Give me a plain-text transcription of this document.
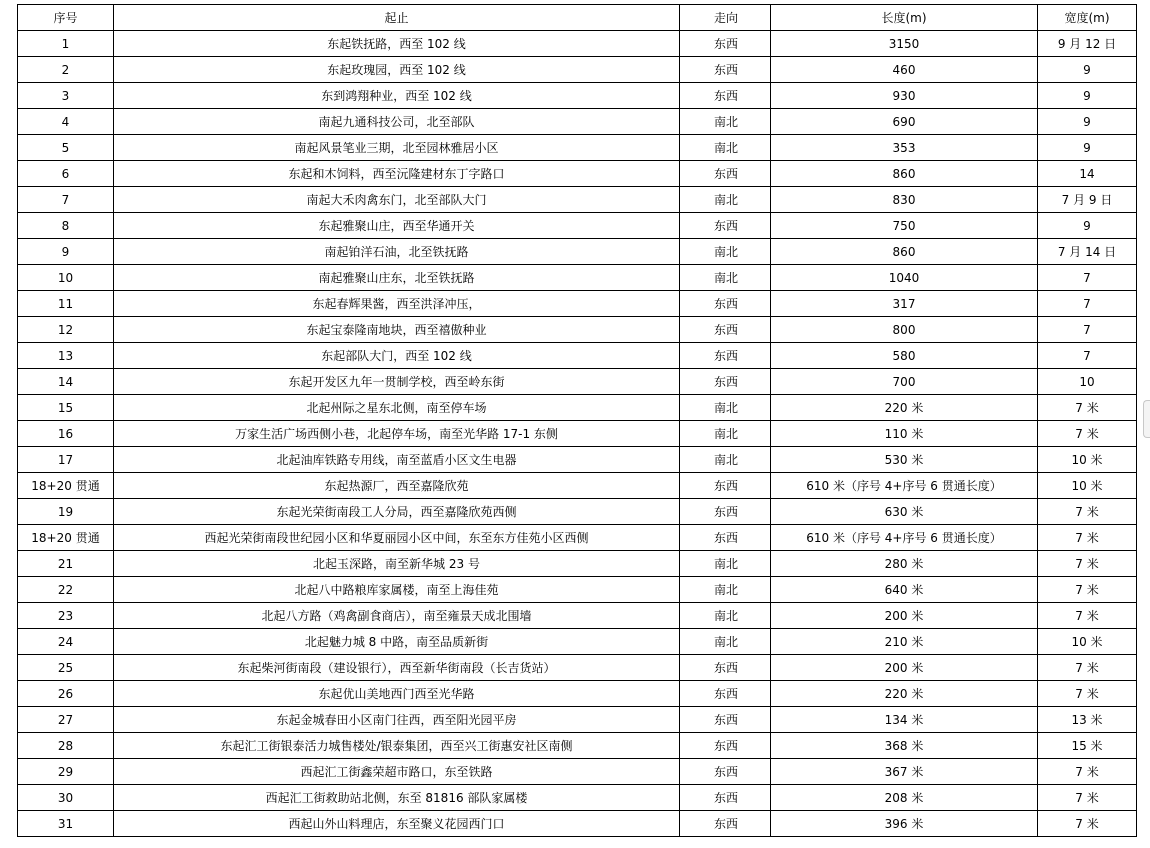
序号	起止	走向	长度(m)	宽度(m)
1	东起铁抚路，西至 102 线	东西	3150	9 月 12 日
2	东起玫瑰园，西至 102 线	东西	460	9
3	东到鸿翔种业，西至 102 线	东西	930	9
4	南起九通科技公司，北至部队	南北	690	9
5	南起风景笔业三期，北至园林雅居小区	南北	353	9
6	东起和木饲料，西至沅隆建材东丁字路口	东西	860	14
7	南起大禾肉禽东门，北至部队大门	南北	830	7 月 9 日
8	东起雅聚山庄，西至华通开关	东西	750	9
9	南起铂洋石油，北至铁抚路	南北	860	7 月 14 日
10	南起雅聚山庄东，北至铁抚路	南北	1040	7
11	东起春辉果酱，西至洪泽冲压，	东西	317	7
12	东起宝泰隆南地块，西至禧傲种业	东西	800	7
13	东起部队大门，西至 102 线	东西	580	7
14	东起开发区九年一贯制学校，西至岭东街	东西	700	10
15	北起州际之星东北侧，南至停车场	南北	220 米	7 米
16	万家生活广场西侧小巷，北起停车场，南至光华路 17-1 东侧	南北	110 米	7 米
17	北起油库铁路专用线，南至蓝盾小区文生电器	南北	530 米	10 米
18+20 贯通	东起热源厂，西至嘉隆欣苑	东西	610 米（序号 4+序号 6 贯通长度）	10 米
19	东起光荣街南段工人分局，西至嘉隆欣苑西侧	东西	630 米	7 米
18+20 贯通	西起光荣街南段世纪园小区和华夏丽园小区中间，东至东方佳苑小区西侧	东西	610 米（序号 4+序号 6 贯通长度）	7 米
21	北起玉深路，南至新华城 23 号	南北	280 米	7 米
22	北起八中路粮库家属楼，南至上海佳苑	南北	640 米	7 米
23	北起八方路（鸡禽副食商店），南至雍景天成北围墙	南北	200 米	7 米
24	北起魅力城 8 中路，南至品质新街	南北	210 米	10 米
25	东起柴河街南段（建设银行），西至新华街南段（长吉货站）	东西	200 米	7 米
26	东起优山美地西门西至光华路	东西	220 米	7 米
27	东起金城春田小区南门往西，西至阳光园平房	东西	134 米	13 米
28	东起汇工街银泰活力城售楼处/银泰集团，西至兴工街惠安社区南侧	东西	368 米	15 米
29	西起汇工街鑫荣超市路口，东至铁路	东西	367 米	7 米
30	西起汇工街救助站北侧，东至 81816 部队家属楼	东西	208 米	7 米
31	西起山外山料理店，东至聚义花园西门口	东西	396 米	7 米
